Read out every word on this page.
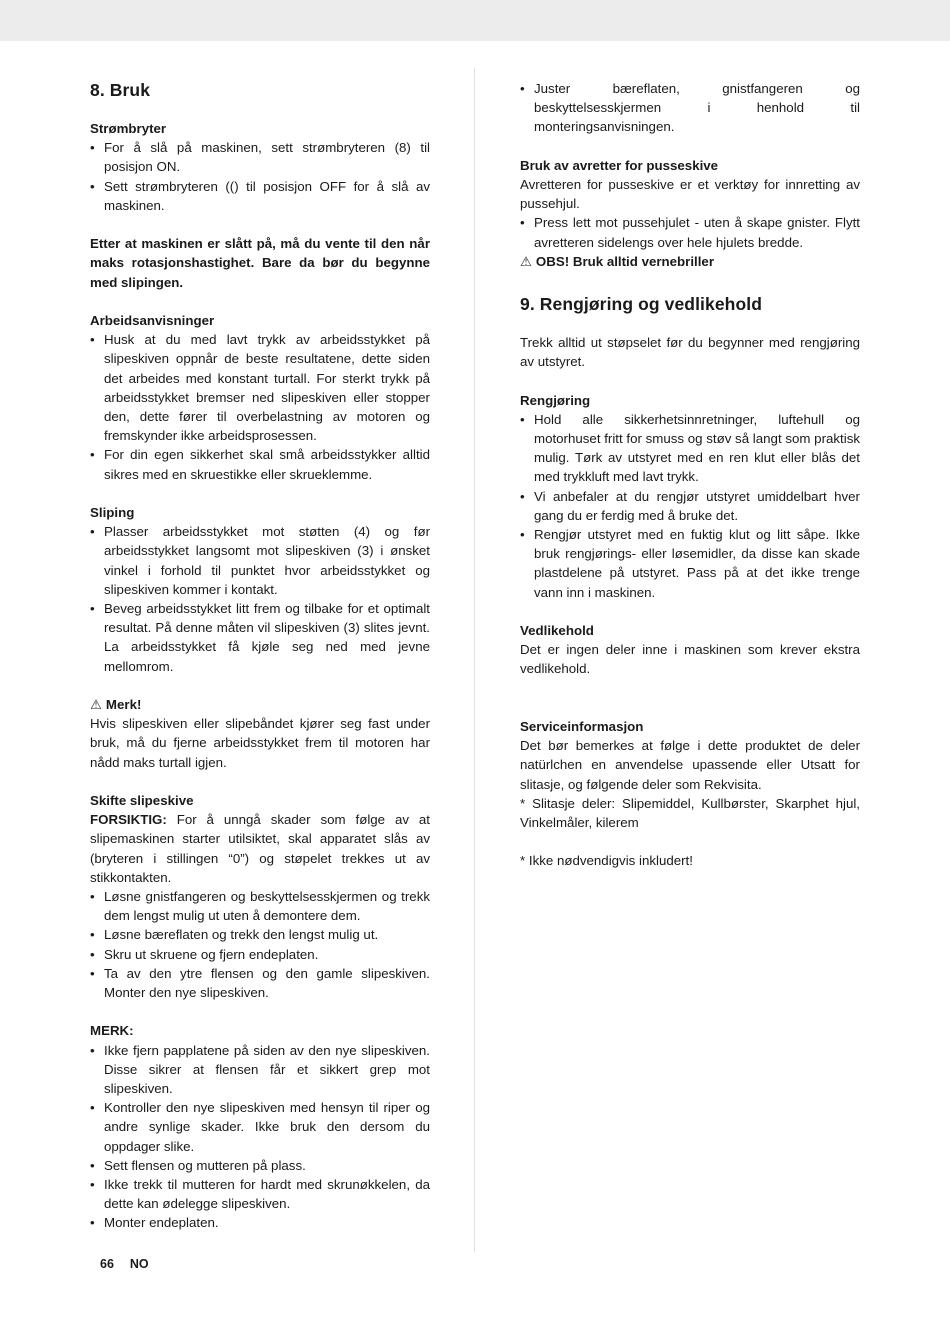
8. Bruk
Strømbryter
• For å slå på maskinen, sett strømbryteren (8) til posisjon ON.
• Sett strømbryteren (() til posisjon OFF for å slå av maskinen.

Etter at maskinen er slått på, må du vente til den når maks rotasjonshastighet. Bare da bør du begynne med slipingen.

Arbeidsanvisninger
• Husk at du med lavt trykk av arbeidsstykket på slipeskiven oppnår de beste resultatene, dette siden det arbeides med konstant turtall. For sterkt trykk på arbeidsstykket bremser ned slipeskiven eller stopper den, dette fører til overbelastning av motoren og fremskynder ikke arbeidsprosessen.
• For din egen sikkerhet skal små arbeidsstykker alltid sikres med en skruestikke eller skrueklemme.
Sliping
• Plasser arbeidsstykket mot støtten (4) og før arbeidsstykket langsomt mot slipeskiven (3) i ønsket vinkel i forhold til punktet hvor arbeidsstykket og slipeskiven kommer i kontakt.
• Beveg arbeidsstykket litt frem og tilbake for et optimalt resultat. På denne måten vil slipeskiven (3) slites jevnt. La arbeidsstykket få kjøle seg ned med jevne mellomrom.
⚠ Merk!

Hvis slipeskiven eller slipebåndet kjører seg fast under bruk, må du fjerne arbeidsstykket frem til motoren har nådd maks turtall igjen.

Skifte slipeskive

FORSIKTIG: For å unngå skader som følge av at slipemaskinen starter utilsiktet, skal apparatet slås av (bryteren i stillingen “0”) og støpelet trekkes ut av stikkontakten.

• Løsne gnistfangeren og beskyttelsesskjermen og trekk dem lengst mulig ut uten å demontere dem.
• Løsne bæreflaten og trekk den lengst mulig ut.
• Skru ut skruene og fjern endeplaten.
• Ta av den ytre flensen og den gamle slipeskiven. Monter den nye slipeskiven.
MERK:
• Ikke fjern papplatene på siden av den nye slipeskiven. Disse sikrer at flensen får et sikkert grep mot slipeskiven.
• Kontroller den nye slipeskiven med hensyn til riper og andre synlige skader. Ikke bruk den dersom du oppdager slike.
• Sett flensen og mutteren på plass.
• Ikke trekk til mutteren for hardt med skrunøkkelen, da dette kan ødelegge slipeskiven.
• Monter endeplaten.
• Juster bæreflaten, gnistfangeren og beskyttelsesskjermen i henhold til monteringsanvisningen.
Bruk av avretter for pusseskive

Avretteren for pusseskive er et verktøy for innretting av pussehjul.

• Press lett mot pussehjulet - uten å skape gnister. Flytt avretteren sidelengs over hele hjulets bredde.

⚠ OBS! Bruk alltid vernebriller

9. Rengjøring og vedlikehold

Trekk alltid ut støpselet før du begynner med rengjøring av utstyret.

Rengjøring
• Hold alle sikkerhetsinnretninger, luftehull og motorhuset fritt for smuss og støv så langt som praktisk mulig. Tørk av utstyret med en ren klut eller blås det med trykkluft med lavt trykk.
• Vi anbefaler at du rengjør utstyret umiddelbart hver gang du er ferdig med å bruke det.
• Rengjør utstyret med en fuktig klut og litt såpe. Ikke bruk rengjørings- eller løsemidler, da disse kan skade plastdelene på utstyret. Pass på at det ikke trenge vann inn i maskinen.
Vedlikehold

Det er ingen deler inne i maskinen som krever ekstra vedlikehold.

Serviceinformasjon

Det bør bemerkes at følge i dette produktet de deler natürlchen en anvendelse upassende eller Utsatt for slitasje, og følgende deler som Rekvisita.

* Slitasje deler: Slipemiddel, Kullbørster, Skarphet hjul, Vinkelmåler, kilerem

* Ikke nødvendigvis inkludert!

66 NO
